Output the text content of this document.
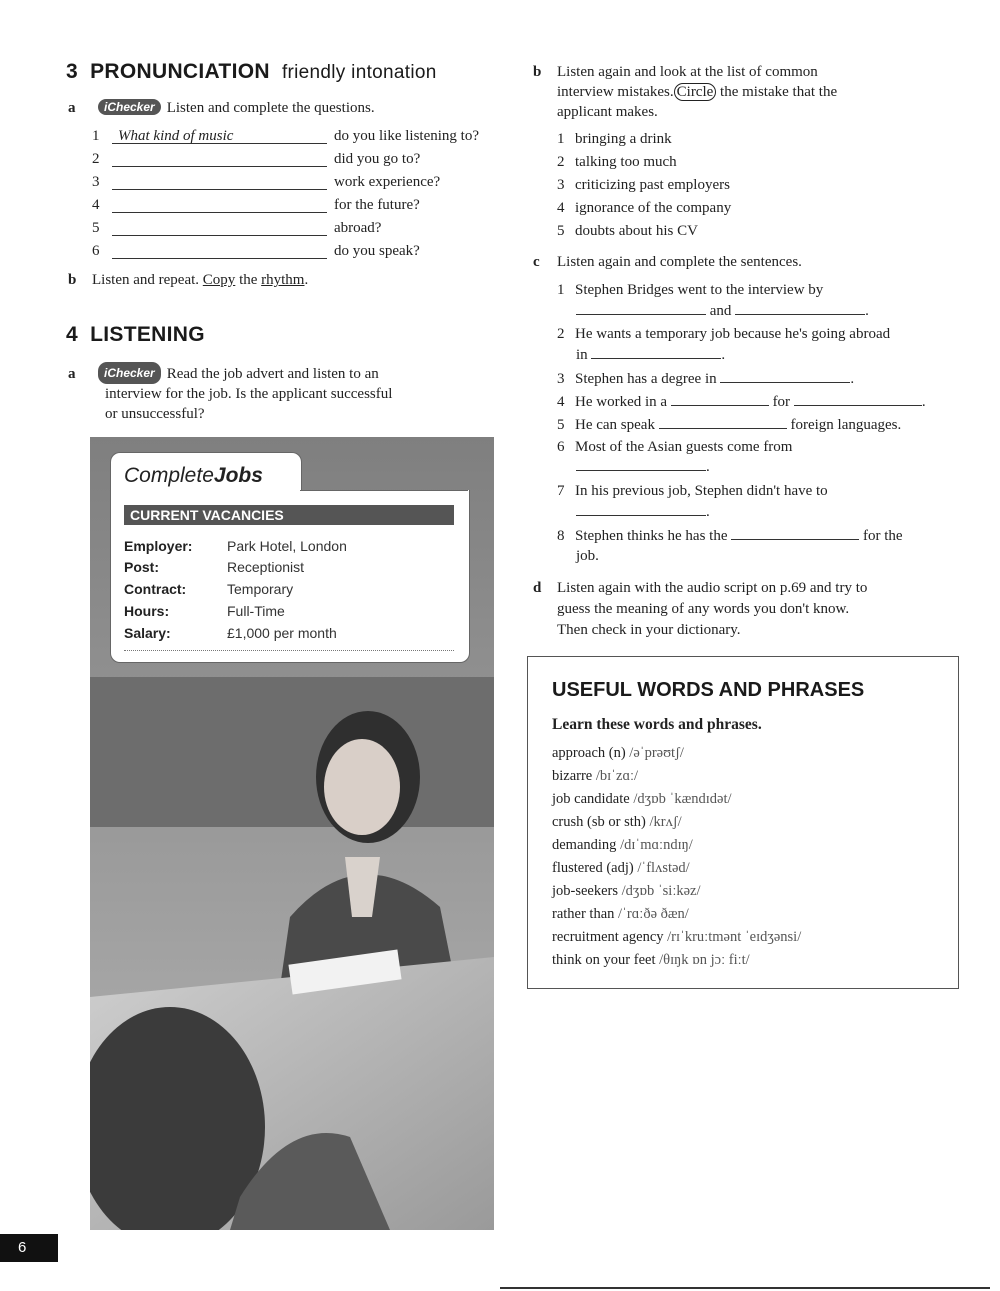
3 PRONUNCIATION friendly intonation
a iChecker Listen and complete the questions.
1 What kind of music	do you like listening to?
2	did you go to?
3	work experience?
4	for the future?
5	abroad?
6	do you speak?
b Listen and repeat. Copy the rhythm.
4 LISTENING
a iChecker Read the job advert and listen to an
interview for the job. Is the applicant successful
or unsuccessful?
CompleteJobs
CURRENT VACANCIES
Employer: Park Hotel, London
Post:	Receptionist
Contract:	Temporary
Hours:	Full-Time
Salary:	£1,000 per month
b Listen again and look at the list of common
interview mistakes. Circle the mistake that the
applicant makes.
1 bringing a drink
2 talking too much
3 criticizing past employers
4 ignorance of the company
5 doubts about his CV
c Listen again and complete the sentences.
1 Stephen Bridges went to the interview by
and	.
2 He wants a temporary job because he's going abroad
in	.
3 Stephen has a degree in	.
4 He worked in a	for	.
5 He can speak	foreign languages.
6 Most of the Asian guests come from
.
7 In his previous job, Stephen didn't have to
.
8 Stephen thinks he has the	for the
job.
d Listen again with the audio script on p.69 and try to
guess the meaning of any words you don't know.
Then check in your dictionary.
USEFUL WORDS AND PHRASES
Learn these words and phrases.
approach (n) /əˈprəʊtʃ/
bizarre /bɪˈzɑː/
job candidate /dʒɒb ˈkændɪdət/
crush (sb or sth) /krʌʃ/
demanding /dɪˈmɑːndɪŋ/
flustered (adj) /ˈflʌstəd/
job-seekers /dʒɒb ˈsiːkəz/
rather than /ˈrɑːðə ðæn/
recruitment agency /rɪˈkruːtmənt ˈeɪdʒənsi/
think on your feet /θɪŋk ɒn jɔː fiːt/
6
